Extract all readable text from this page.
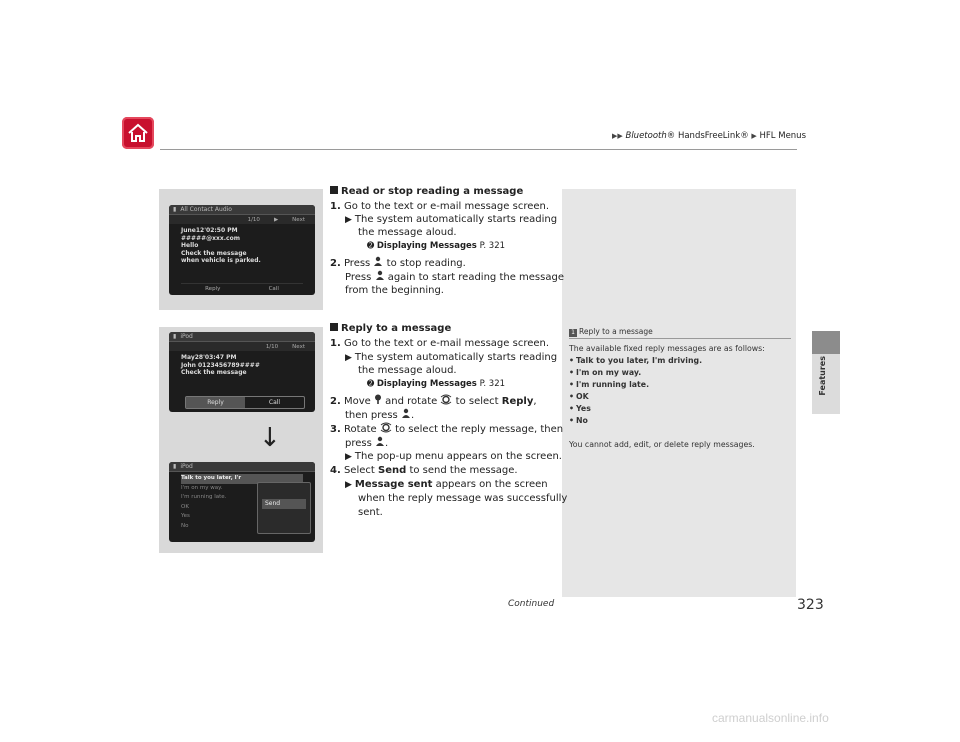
▶▶ Bluetooth® HandsFreeLink® ▶ HFL Menus
Features
1 Reply to a message

The available fixed reply messages are as follows:

• Talk to you later, I'm driving.
• I'm on my way.
• I'm running late.
• OK
• Yes
• No

You cannot add, edit, or delete reply messages.

▮ All Contact Audio
1/10	▶	Next
June12'02:50 PM
#####@xxx.com
Hello
Check the message
when vehicle is parked.
Reply	Call
▮ iPod
1/10	Next
May28'03:47 PM
John 0123456789####
Check the message
Reply	Call
↓
▮ iPod
Talk to you later, I'r
I'm on my way.
I'm running late.
OK
Yes
No
Send
Read or stop reading a message
1. Go to the text or e-mail message screen.
▶ The system automatically starts reading
the message aloud.
➋ Displaying Messages P. 321
2. Press to stop reading.
Press again to start reading the message
from the beginning.
Reply to a message
1. Go to the text or e-mail message screen.
▶ The system automatically starts reading
the message aloud.
➋ Displaying Messages P. 321
2. Move and rotate to select Reply,
then press .
3. Rotate to select the reply message, then
press .
▶ The pop-up menu appears on the screen.
4. Select Send to send the message.
▶ Message sent appears on the screen
when the reply message was successfully
sent.
Continued	323
carmanualsonline.info
